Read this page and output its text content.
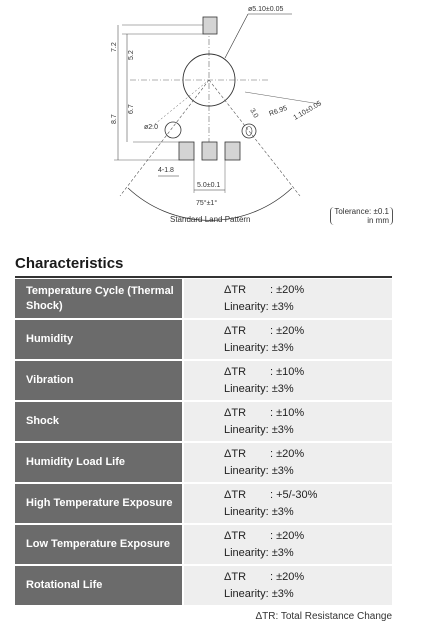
ø5.10±0.05
75°±1°
7.2
5.2
6.7
8.7
ø2.0
4-1.8
5.0±0.1
3.0 R6.95 1.10±0.05
Standard Land Pattern
Tolerance: ±0.1
in mm
Characteristics
Temperature Cycle (Thermal Shock)	ΔTR : ±20%
Linearity: ±3%

Humidity	ΔTR : ±20%
Linearity: ±3%

Vibration	ΔTR : ±10%
Linearity: ±3%

Shock	ΔTR : ±10%
Linearity: ±3%

Humidity Load Life	ΔTR : ±20%
Linearity: ±3%

High Temperature Exposure	ΔTR : +5/-30%
Linearity: ±3%

Low Temperature Exposure	ΔTR : ±20%
Linearity: ±3%

Rotational Life	ΔTR : ±20%
Linearity: ±3%
ΔTR: Total Resistance Change
